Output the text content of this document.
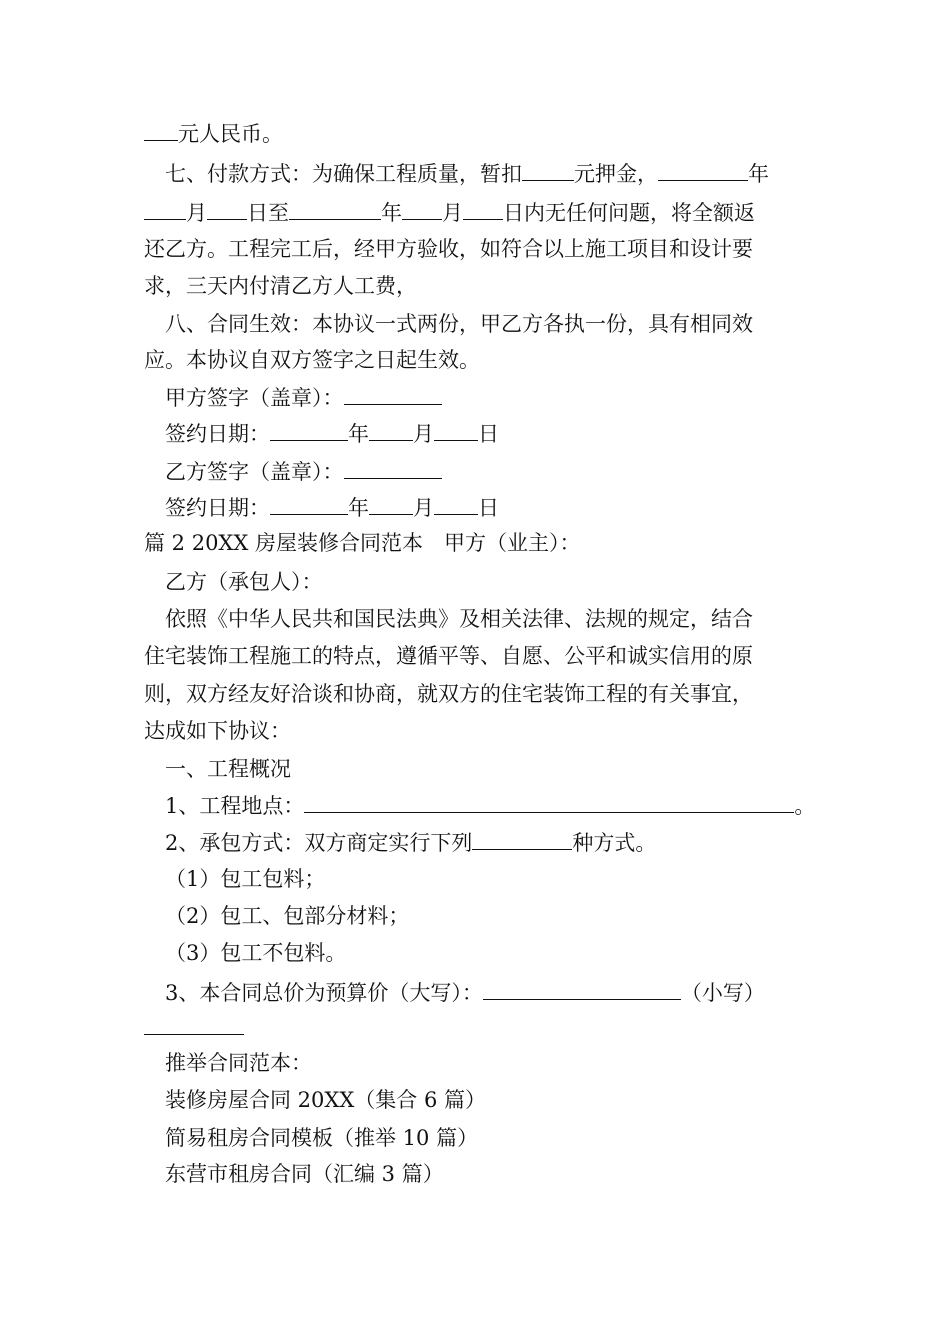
元人民币。
七、付款方式：为确保工程质量，暂扣 元押金，	年
月 日至	年 月 日内无任何问题，将全额返
还乙方。工程完工后，经甲方验收，如符合以上施工项目和设计要
求，三天内付清乙方人工费，
八、合同生效：本协议一式两份，甲乙方各执一份，具有相同效
应。本协议自双方签字之日起生效。
甲方签字（盖章）：
签约日期：	年 月 日
乙方签字（盖章）：
签约日期：	年 月 日
篇 2 20XX 房屋装修合同范本　甲方（业主）：
乙方（承包人）：
依照《中华人民共和国民法典》及相关法律、法规的规定，结合
住宅装饰工程施工的特点，遵循平等、自愿、公平和诚实信用的原
则，双方经友好洽谈和协商，就双方的住宅装饰工程的有关事宜，
达成如下协议：
一、工程概况
1、工程地点：	。
2、承包方式：双方商定实行下列	种方式。
（1）包工包料；
（2）包工、包部分材料；
（3）包工不包料。
3、本合同总价为预算价（大写）：	（小写）
推举合同范本：
装修房屋合同 20XX（集合 6 篇）
简易租房合同模板（推举 10 篇）
东营市租房合同（汇编 3 篇）
